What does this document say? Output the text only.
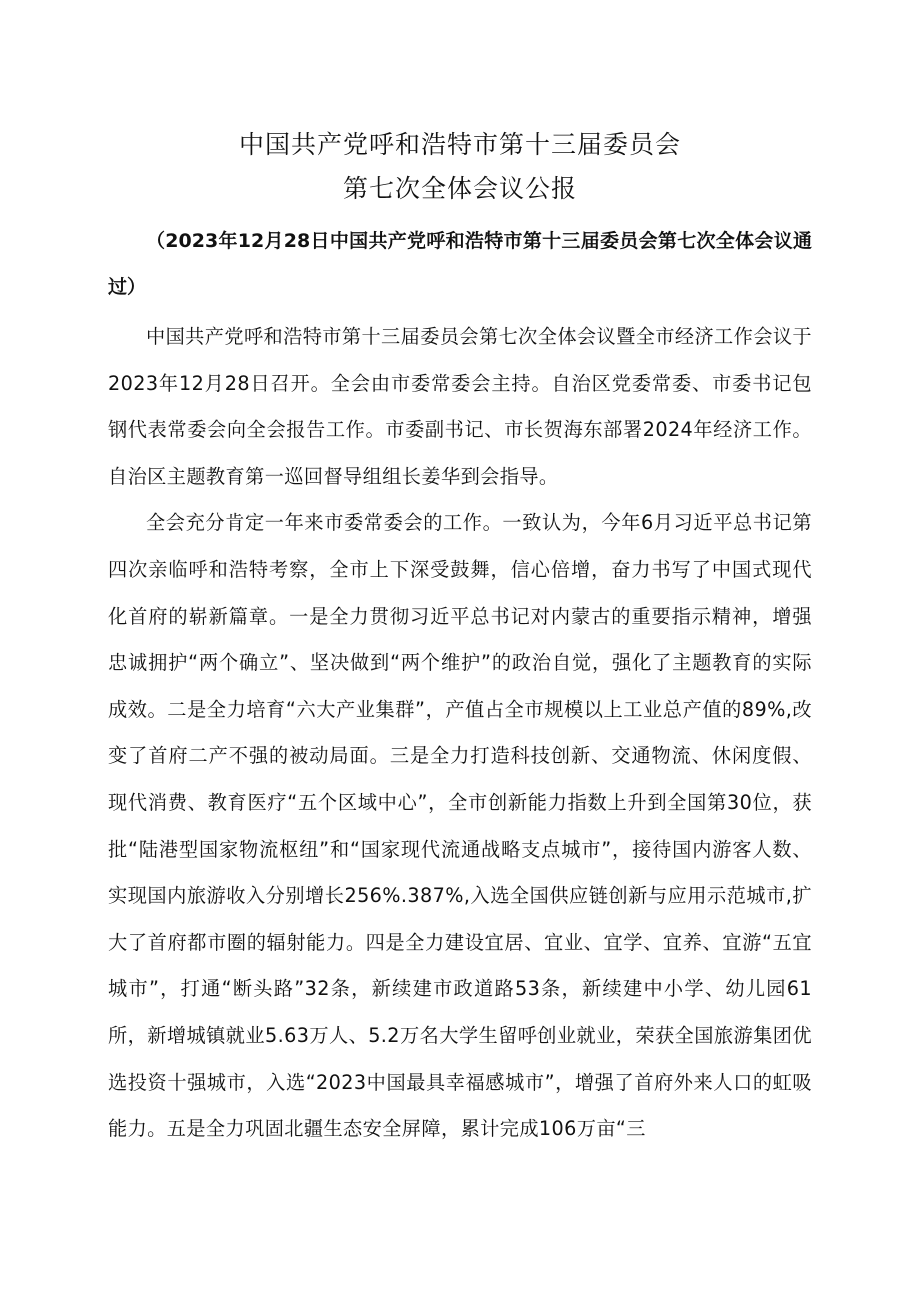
中国共产党呼和浩特市第十三届委员会
第七次全体会议公报

（2023年12月28日中国共产党呼和浩特市第十三届委员会第七次全体会议通过）

中国共产党呼和浩特市第十三届委员会第七次全体会议暨全市经济工作会议于2023年12月28日召开。全会由市委常委会主持。自治区党委常委、市委书记包钢代表常委会向全会报告工作。市委副书记、市长贺海东部署2024年经济工作。自治区主题教育第一巡回督导组组长姜华到会指导。

全会充分肯定一年来市委常委会的工作。一致认为，今年6月习近平总书记第四次亲临呼和浩特考察，全市上下深受鼓舞，信心倍增，奋力书写了中国式现代化首府的崭新篇章。一是全力贯彻习近平总书记对内蒙古的重要指示精神，增强忠诚拥护“两个确立”、坚决做到“两个维护”的政治自觉，强化了主题教育的实际成效。二是全力培育“六大产业集群”，产值占全市规模以上工业总产值的89%,改变了首府二产不强的被动局面。三是全力打造科技创新、交通物流、休闲度假、现代消费、教育医疗“五个区域中心”，全市创新能力指数上升到全国第30位，获批“陆港型国家物流枢纽”和“国家现代流通战略支点城市”，接待国内游客人数、实现国内旅游收入分别增长256%.387%,入选全国供应链创新与应用示范城市,扩大了首府都市圈的辐射能力。四是全力建设宜居、宜业、宜学、宜养、宜游“五宜城市”，打通“断头路”32条，新续建市政道路53条，新续建中小学、幼儿园61所，新增城镇就业5.63万人、5.2万名大学生留呼创业就业，荣获全国旅游集团优选投资十强城市，入选“2023中国最具幸福感城市”，增强了首府外来人口的虹吸能力。五是全力巩固北疆生态安全屏障，累计完成106万亩“三
